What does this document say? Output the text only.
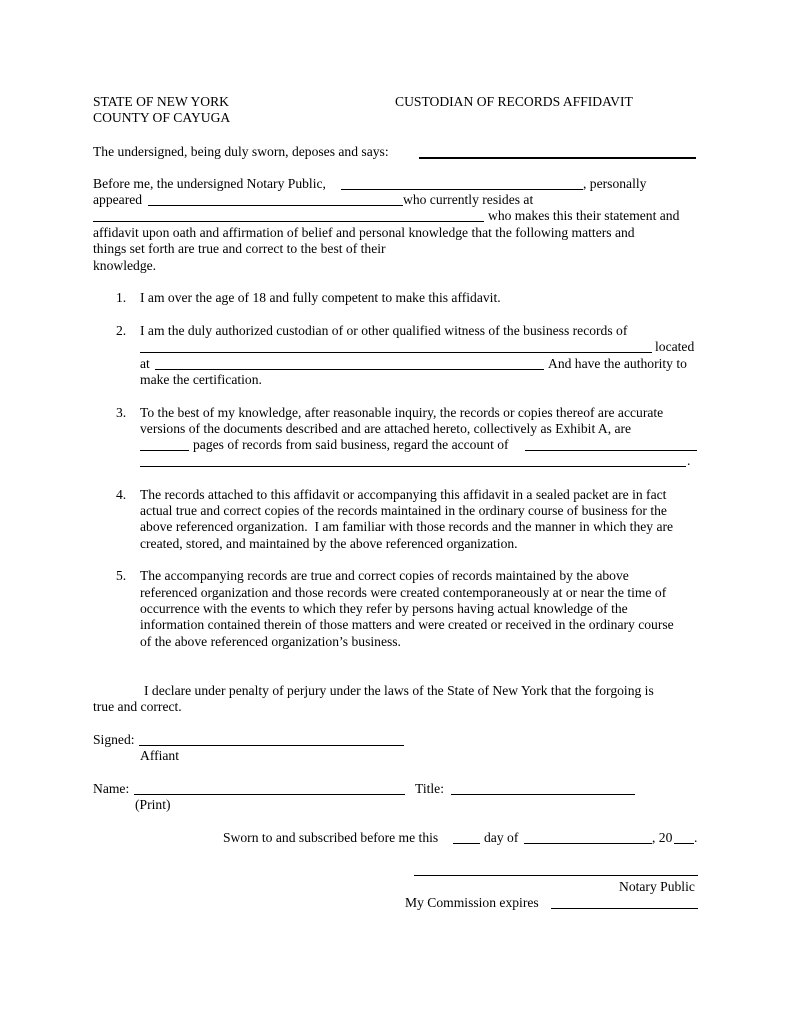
STATE OF NEW YORK
COUNTY OF CAYUGA
CUSTODIAN OF RECORDS AFFIDAVIT
The undersigned, being duly sworn, deposes and says:
Before me, the undersigned Notary Public,	, personally
appeared	who currently resides at
who makes this their statement and
affidavit upon oath and affirmation of belief and personal knowledge that the following matters and
things set forth are true and correct to the best of their
knowledge.
1. I am over the age of 18 and fully competent to make this affidavit.
2. I am the duly authorized custodian of or other qualified witness of the business records of
located
at	And have the authority to
make the certification.
3. To the best of my knowledge, after reasonable inquiry, the records or copies thereof are accurate
versions of the documents described and are attached hereto, collectively as Exhibit A, are
pages of records from said business, regard the account of
.
4. The records attached to this affidavit or accompanying this affidavit in a sealed packet are in fact
actual true and correct copies of the records maintained in the ordinary course of business for the
above referenced organization.  I am familiar with those records and the manner in which they are
created, stored, and maintained by the above referenced organization.
5. The accompanying records are true and correct copies of records maintained by the above
referenced organization and those records were created contemporaneously at or near the time of
occurrence with the events to which they refer by persons having actual knowledge of the
information contained therein of those matters and were created or received in the ordinary course
of the above referenced organization’s business.
I declare under penalty of perjury under the laws of the State of New York that the forgoing is
true and correct.
Signed:
Affiant
Name:
(Print)
Title:
Sworn to and subscribed before me this	day of	, 20 .
Notary Public
My Commission expires
